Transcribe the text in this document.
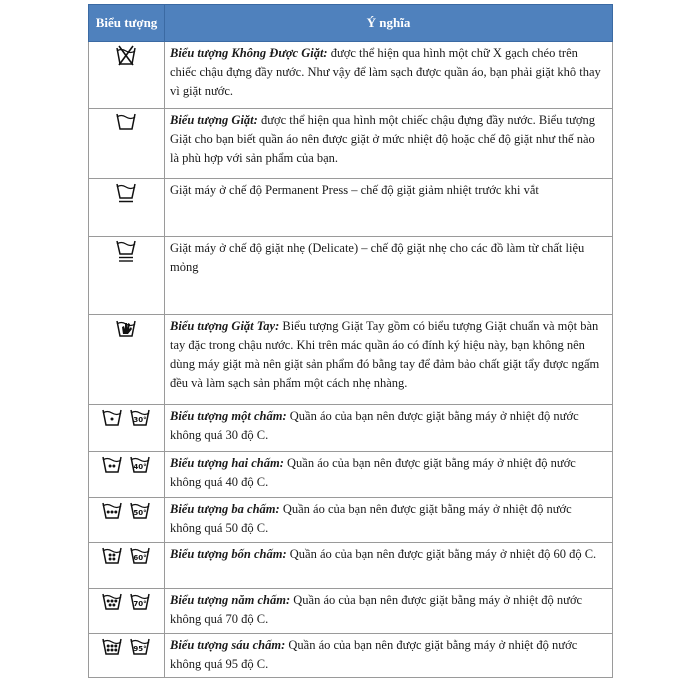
Biểu tượng	Ý nghĩa
	Biểu tượng Không Được Giặt: được thể hiện qua hình một chữ X gạch chéo trên chiếc chậu đựng đầy nước. Như vậy để làm sạch được quần áo, bạn phải giặt khô thay vì giặt nước.
	Biểu tượng Giặt: được thể hiện qua hình một chiếc chậu đựng đầy nước. Biểu tượng Giặt cho bạn biết quần áo nên được giặt ở mức nhiệt độ hoặc chế độ giặt như thế nào là phù hợp với sản phẩm của bạn.
	Giặt máy ở chế độ Permanent Press – chế độ giặt giảm nhiệt trước khi vắt
	Giặt máy ở chế độ giặt nhẹ (Delicate) – chế độ giặt nhẹ cho các đồ làm từ chất liệu mỏng
	Biểu tượng Giặt Tay: Biểu tượng Giặt Tay gồm có biểu tượng Giặt chuẩn và một bàn tay đặc trong chậu nước. Khi trên mác quần áo có đính ký hiệu này, bạn không nên dùng máy giặt mà nên giặt sản phẩm đó bằng tay để đảm bảo chất giặt tẩy được ngấm đều và làm sạch sản phẩm một cách nhẹ nhàng.

30°	Biểu tượng một chấm: Quần áo của bạn nên được giặt bằng máy ở nhiệt độ nước không quá 30 độ C.

40°	Biểu tượng hai chấm: Quần áo của bạn nên được giặt bằng máy ở nhiệt độ nước không quá 40 độ C.

50°	Biểu tượng ba chấm: Quần áo của bạn nên được giặt bằng máy ở nhiệt độ nước không quá 50 độ C.

60°	Biểu tượng bốn chấm: Quần áo của bạn nên được giặt bằng máy ở nhiệt độ 60 độ C.

70°	Biểu tượng năm chấm: Quần áo của bạn nên được giặt bằng máy ở nhiệt độ nước không quá 70 độ C.

95°	Biểu tượng sáu chấm: Quần áo của bạn nên được giặt bằng máy ở nhiệt độ nước không quá 95 độ C.
